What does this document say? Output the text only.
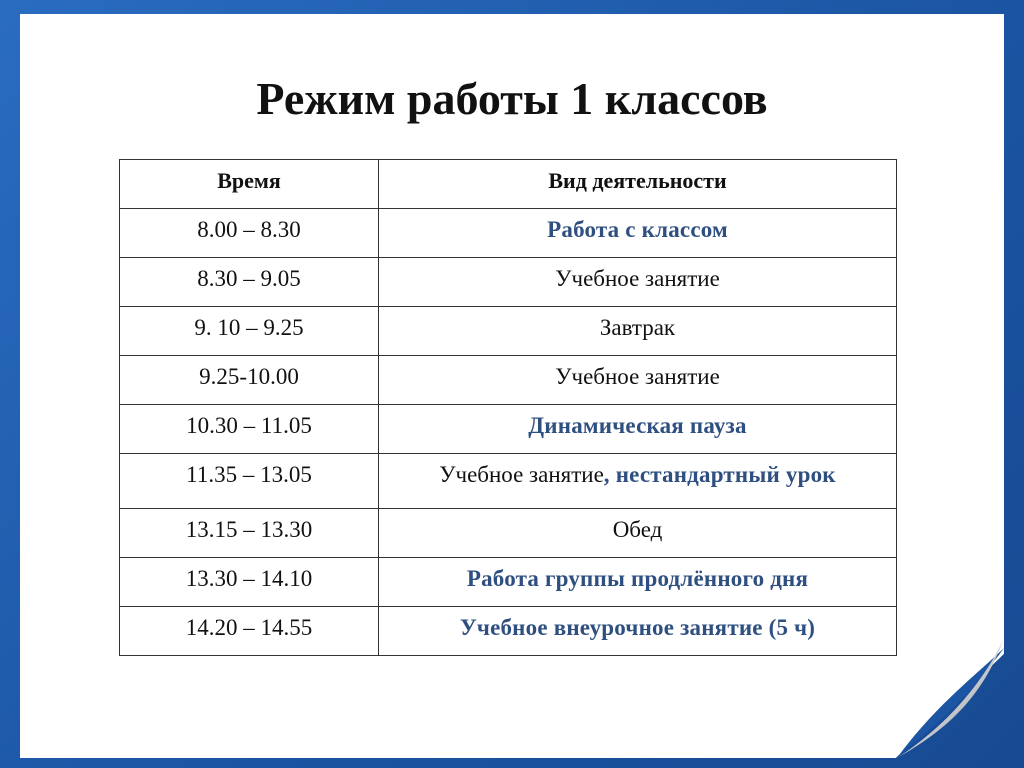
Режим работы 1 классов
Время	Вид деятельности
8.00 – 8.30	Работа с классом
8.30 – 9.05	Учебное занятие
9. 10 – 9.25	Завтрак
9.25-10.00	Учебное занятие
10.30 – 11.05	Динамическая пауза
11.35 – 13.05	Учебное занятие, нестандартный урок
13.15 – 13.30	Обед
13.30 – 14.10	Работа группы продлённого дня
14.20 – 14.55	Учебное внеурочное занятие (5 ч)
